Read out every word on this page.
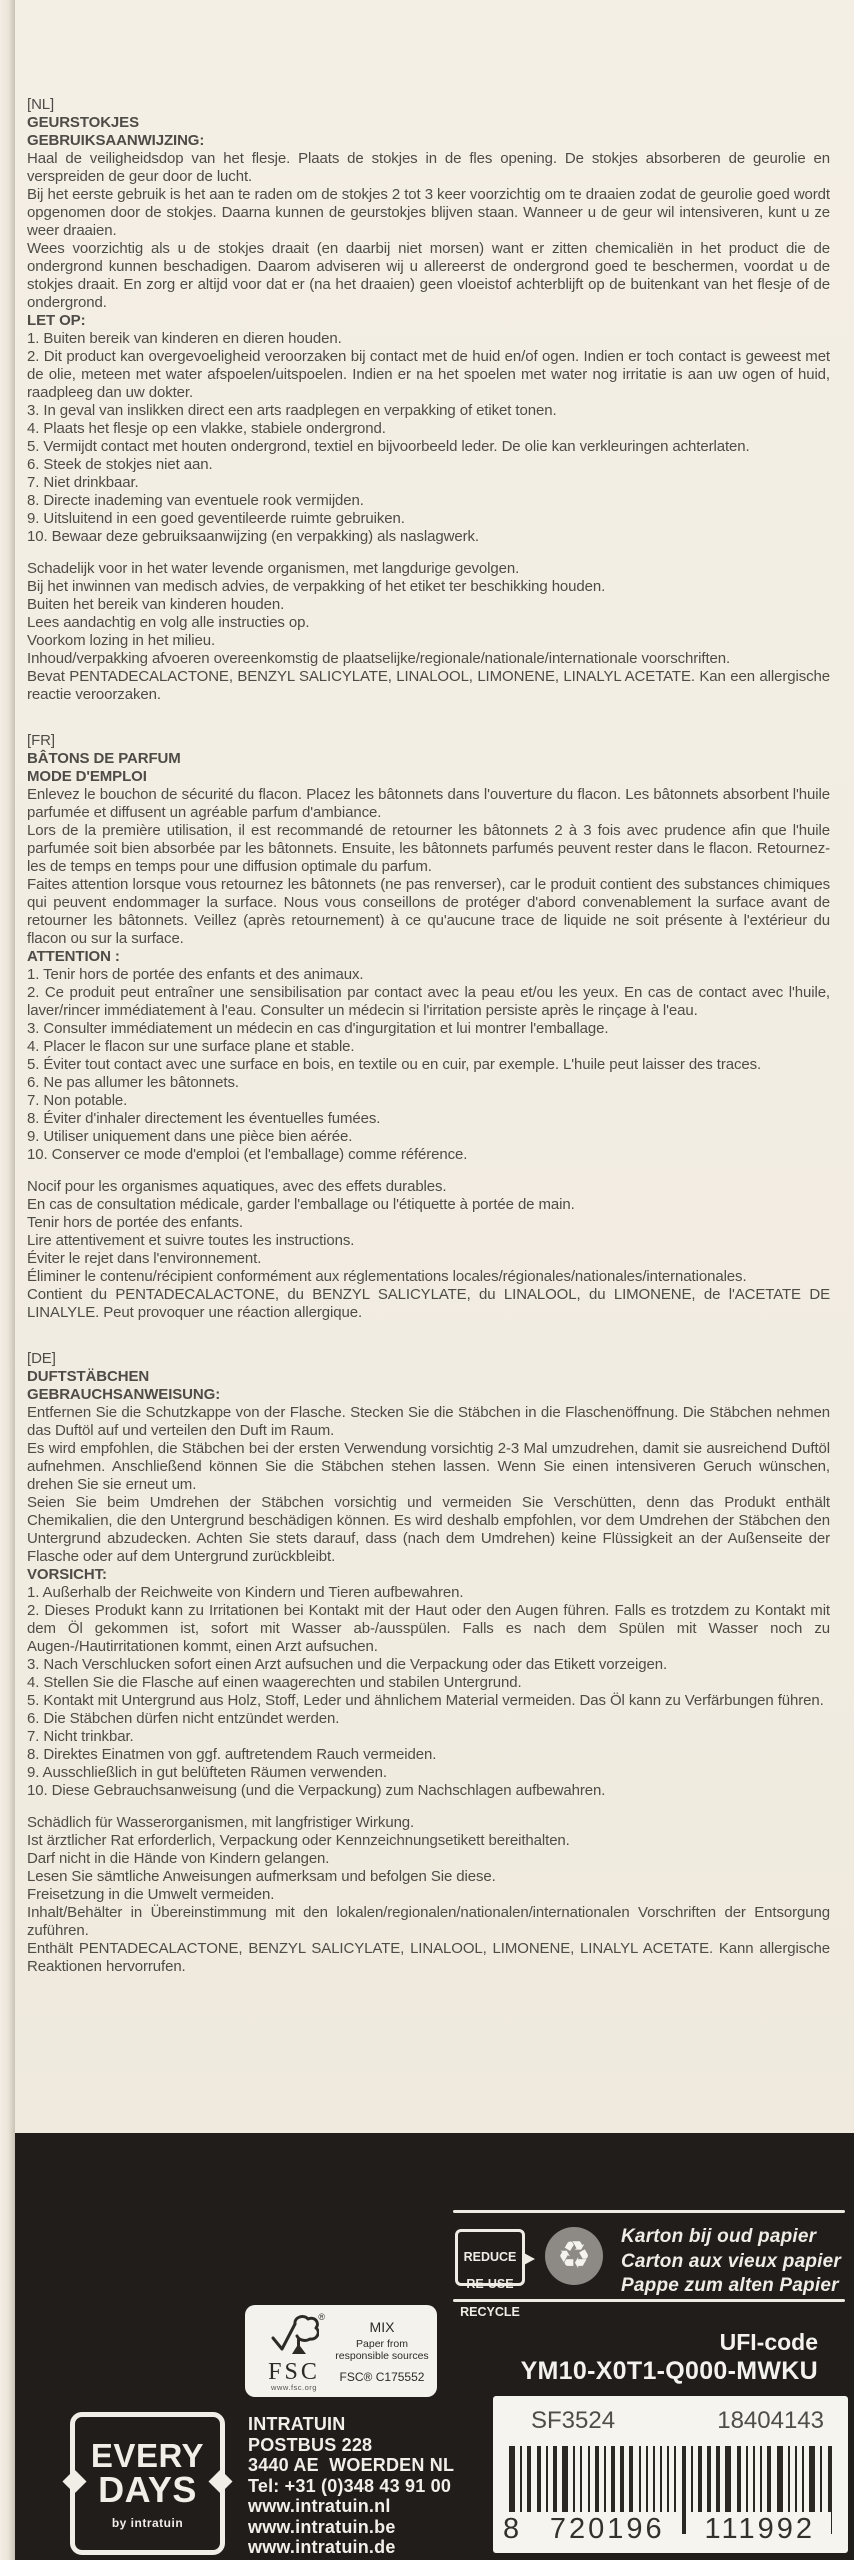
[NL]

GEURSTOKJES

GEBRUIKSAANWIJZING:

Haal de veiligheidsdop van het flesje. Plaats de stokjes in de fles opening. De stokjes absorberen de geurolie en verspreiden de geur door de lucht.

Bij het eerste gebruik is het aan te raden om de stokjes 2 tot 3 keer voorzichtig om te draaien zodat de geurolie goed wordt opgenomen door de stokjes. Daarna kunnen de geurstokjes blijven staan. Wanneer u de geur wil intensiveren, kunt u ze weer draaien.

Wees voorzichtig als u de stokjes draait (en daarbij niet morsen) want er zitten chemicaliën in het product die de ondergrond kunnen beschadigen. Daarom adviseren wij u allereerst de ondergrond goed te beschermen, voordat u de stokjes draait. En zorg er altijd voor dat er (na het draaien) geen vloeistof achterblijft op de buitenkant van het flesje of de ondergrond.

LET OP:

1. Buiten bereik van kinderen en dieren houden.

2. Dit product kan overgevoeligheid veroorzaken bij contact met de huid en/of ogen. Indien er toch contact is geweest met de olie, meteen met water afspoelen/uitspoelen. Indien er na het spoelen met water nog irritatie is aan uw ogen of huid, raadpleeg dan uw dokter.

3. In geval van inslikken direct een arts raadplegen en verpakking of etiket tonen.

4. Plaats het flesje op een vlakke, stabiele ondergrond.

5. Vermijdt contact met houten ondergrond, textiel en bijvoorbeeld leder. De olie kan verkleuringen achterlaten.

6. Steek de stokjes niet aan.

7. Niet drinkbaar.

8. Directe inademing van eventuele rook vermijden.

9. Uitsluitend in een goed geventileerde ruimte gebruiken.

10. Bewaar deze gebruiksaanwijzing (en verpakking) als naslagwerk.

Schadelijk voor in het water levende organismen, met langdurige gevolgen.

Bij het inwinnen van medisch advies, de verpakking of het etiket ter beschikking houden.

Buiten het bereik van kinderen houden.

Lees aandachtig en volg alle instructies op.

Voorkom lozing in het milieu.

Inhoud/verpakking afvoeren overeenkomstig de plaatselijke/regionale/nationale/internationale voorschriften.

Bevat PENTADECALACTONE, BENZYL SALICYLATE, LINALOOL, LIMONENE, LINALYL ACETATE. Kan een allergische reactie veroorzaken.

[FR]

BÂTONS DE PARFUM

MODE D'EMPLOI

Enlevez le bouchon de sécurité du flacon. Placez les bâtonnets dans l'ouverture du flacon. Les bâtonnets absorbent l'huile parfumée et diffusent un agréable parfum d'ambiance.

Lors de la première utilisation, il est recommandé de retourner les bâtonnets 2 à 3 fois avec prudence afin que l'huile parfumée soit bien absorbée par les bâtonnets. Ensuite, les bâtonnets parfumés peuvent rester dans le flacon. Retournez-les de temps en temps pour une diffusion optimale du parfum.

Faites attention lorsque vous retournez les bâtonnets (ne pas renverser), car le produit contient des substances chimiques qui peuvent endommager la surface. Nous vous conseillons de protéger d'abord convenablement la surface avant de retourner les bâtonnets. Veillez (après retournement) à ce qu'aucune trace de liquide ne soit présente à l'extérieur du flacon ou sur la surface.

ATTENTION :

1. Tenir hors de portée des enfants et des animaux.

2. Ce produit peut entraîner une sensibilisation par contact avec la peau et/ou les yeux. En cas de contact avec l'huile, laver/rincer immédiatement à l'eau. Consulter un médecin si l'irritation persiste après le rinçage à l'eau.

3. Consulter immédiatement un médecin en cas d'ingurgitation et lui montrer l'emballage.

4. Placer le flacon sur une surface plane et stable.

5. Éviter tout contact avec une surface en bois, en textile ou en cuir, par exemple. L'huile peut laisser des traces.

6. Ne pas allumer les bâtonnets.

7. Non potable.

8. Éviter d'inhaler directement les éventuelles fumées.

9. Utiliser uniquement dans une pièce bien aérée.

10. Conserver ce mode d'emploi (et l'emballage) comme référence.

Nocif pour les organismes aquatiques, avec des effets durables.

En cas de consultation médicale, garder l'emballage ou l'étiquette à portée de main.

Tenir hors de portée des enfants.

Lire attentivement et suivre toutes les instructions.

Éviter le rejet dans l'environnement.

Éliminer le contenu/récipient conformément aux réglementations locales/régionales/nationales/internationales.

Contient du PENTADECALACTONE, du BENZYL SALICYLATE, du LINALOOL, du LIMONENE, de l'ACETATE DE LINALYLE. Peut provoquer une réaction allergique.

[DE]

DUFTSTÄBCHEN

GEBRAUCHSANWEISUNG:

Entfernen Sie die Schutzkappe von der Flasche. Stecken Sie die Stäbchen in die Flaschenöffnung. Die Stäbchen nehmen das Duftöl auf und verteilen den Duft im Raum.

Es wird empfohlen, die Stäbchen bei der ersten Verwendung vorsichtig 2-3 Mal umzudrehen, damit sie ausreichend Duftöl aufnehmen. Anschließend können Sie die Stäbchen stehen lassen. Wenn Sie einen intensiveren Geruch wünschen, drehen Sie sie erneut um.

Seien Sie beim Umdrehen der Stäbchen vorsichtig und vermeiden Sie Verschütten, denn das Produkt enthält Chemikalien, die den Untergrund beschädigen können. Es wird deshalb empfohlen, vor dem Umdrehen der Stäbchen den Untergrund abzudecken. Achten Sie stets darauf, dass (nach dem Umdrehen) keine Flüssigkeit an der Außenseite der Flasche oder auf dem Untergrund zurückbleibt.

VORSICHT:

1. Außerhalb der Reichweite von Kindern und Tieren aufbewahren.

2. Dieses Produkt kann zu Irritationen bei Kontakt mit der Haut oder den Augen führen. Falls es trotzdem zu Kontakt mit dem Öl gekommen ist, sofort mit Wasser ab-/ausspülen. Falls es nach dem Spülen mit Wasser noch zu Augen-/Hautirritationen kommt, einen Arzt aufsuchen.

3. Nach Verschlucken sofort einen Arzt aufsuchen und die Verpackung oder das Etikett vorzeigen.

4. Stellen Sie die Flasche auf einen waagerechten und stabilen Untergrund.

5. Kontakt mit Untergrund aus Holz, Stoff, Leder und ähnlichem Material vermeiden. Das Öl kann zu Verfärbungen führen.

6. Die Stäbchen dürfen nicht entzündet werden.

7. Nicht trinkbar.

8. Direktes Einatmen von ggf. auftretendem Rauch vermeiden.

9. Ausschließlich in gut belüfteten Räumen verwenden.

10. Diese Gebrauchsanweisung (und die Verpackung) zum Nachschlagen aufbewahren.

Schädlich für Wasserorganismen, mit langfristiger Wirkung.

Ist ärztlicher Rat erforderlich, Verpackung oder Kennzeichnungsetikett bereithalten.

Darf nicht in die Hände von Kindern gelangen.

Lesen Sie sämtliche Anweisungen aufmerksam und befolgen Sie diese.

Freisetzung in die Umwelt vermeiden.

Inhalt/Behälter in Übereinstimmung mit den lokalen/regionalen/nationalen/internationalen Vorschriften der Entsorgung zuführen.

Enthält PENTADECALACTONE, BENZYL SALICYLATE, LINALOOL, LIMONENE, LINALYL ACETATE. Kann allergische Reaktionen hervorrufen.

REDUCE

RE-USE

RECYCLE

♻	Karton bij oud papier

Carton aux vieux papier

Pappe zum alten Papier

®
FSC
www.fsc.org
MIX
Paper from responsible sources
FSC® C175552
UFI-code
YM10-X0T1-Q000-MWKU
SF3524	18404143
8 720196	111992
EVERY
DAYS
by intratuin

INTRATUIN

POSTBUS 228

3440 AE  WOERDEN NL

Tel: +31 (0)348 43 91 00

www.intratuin.nl

www.intratuin.be

www.intratuin.de
